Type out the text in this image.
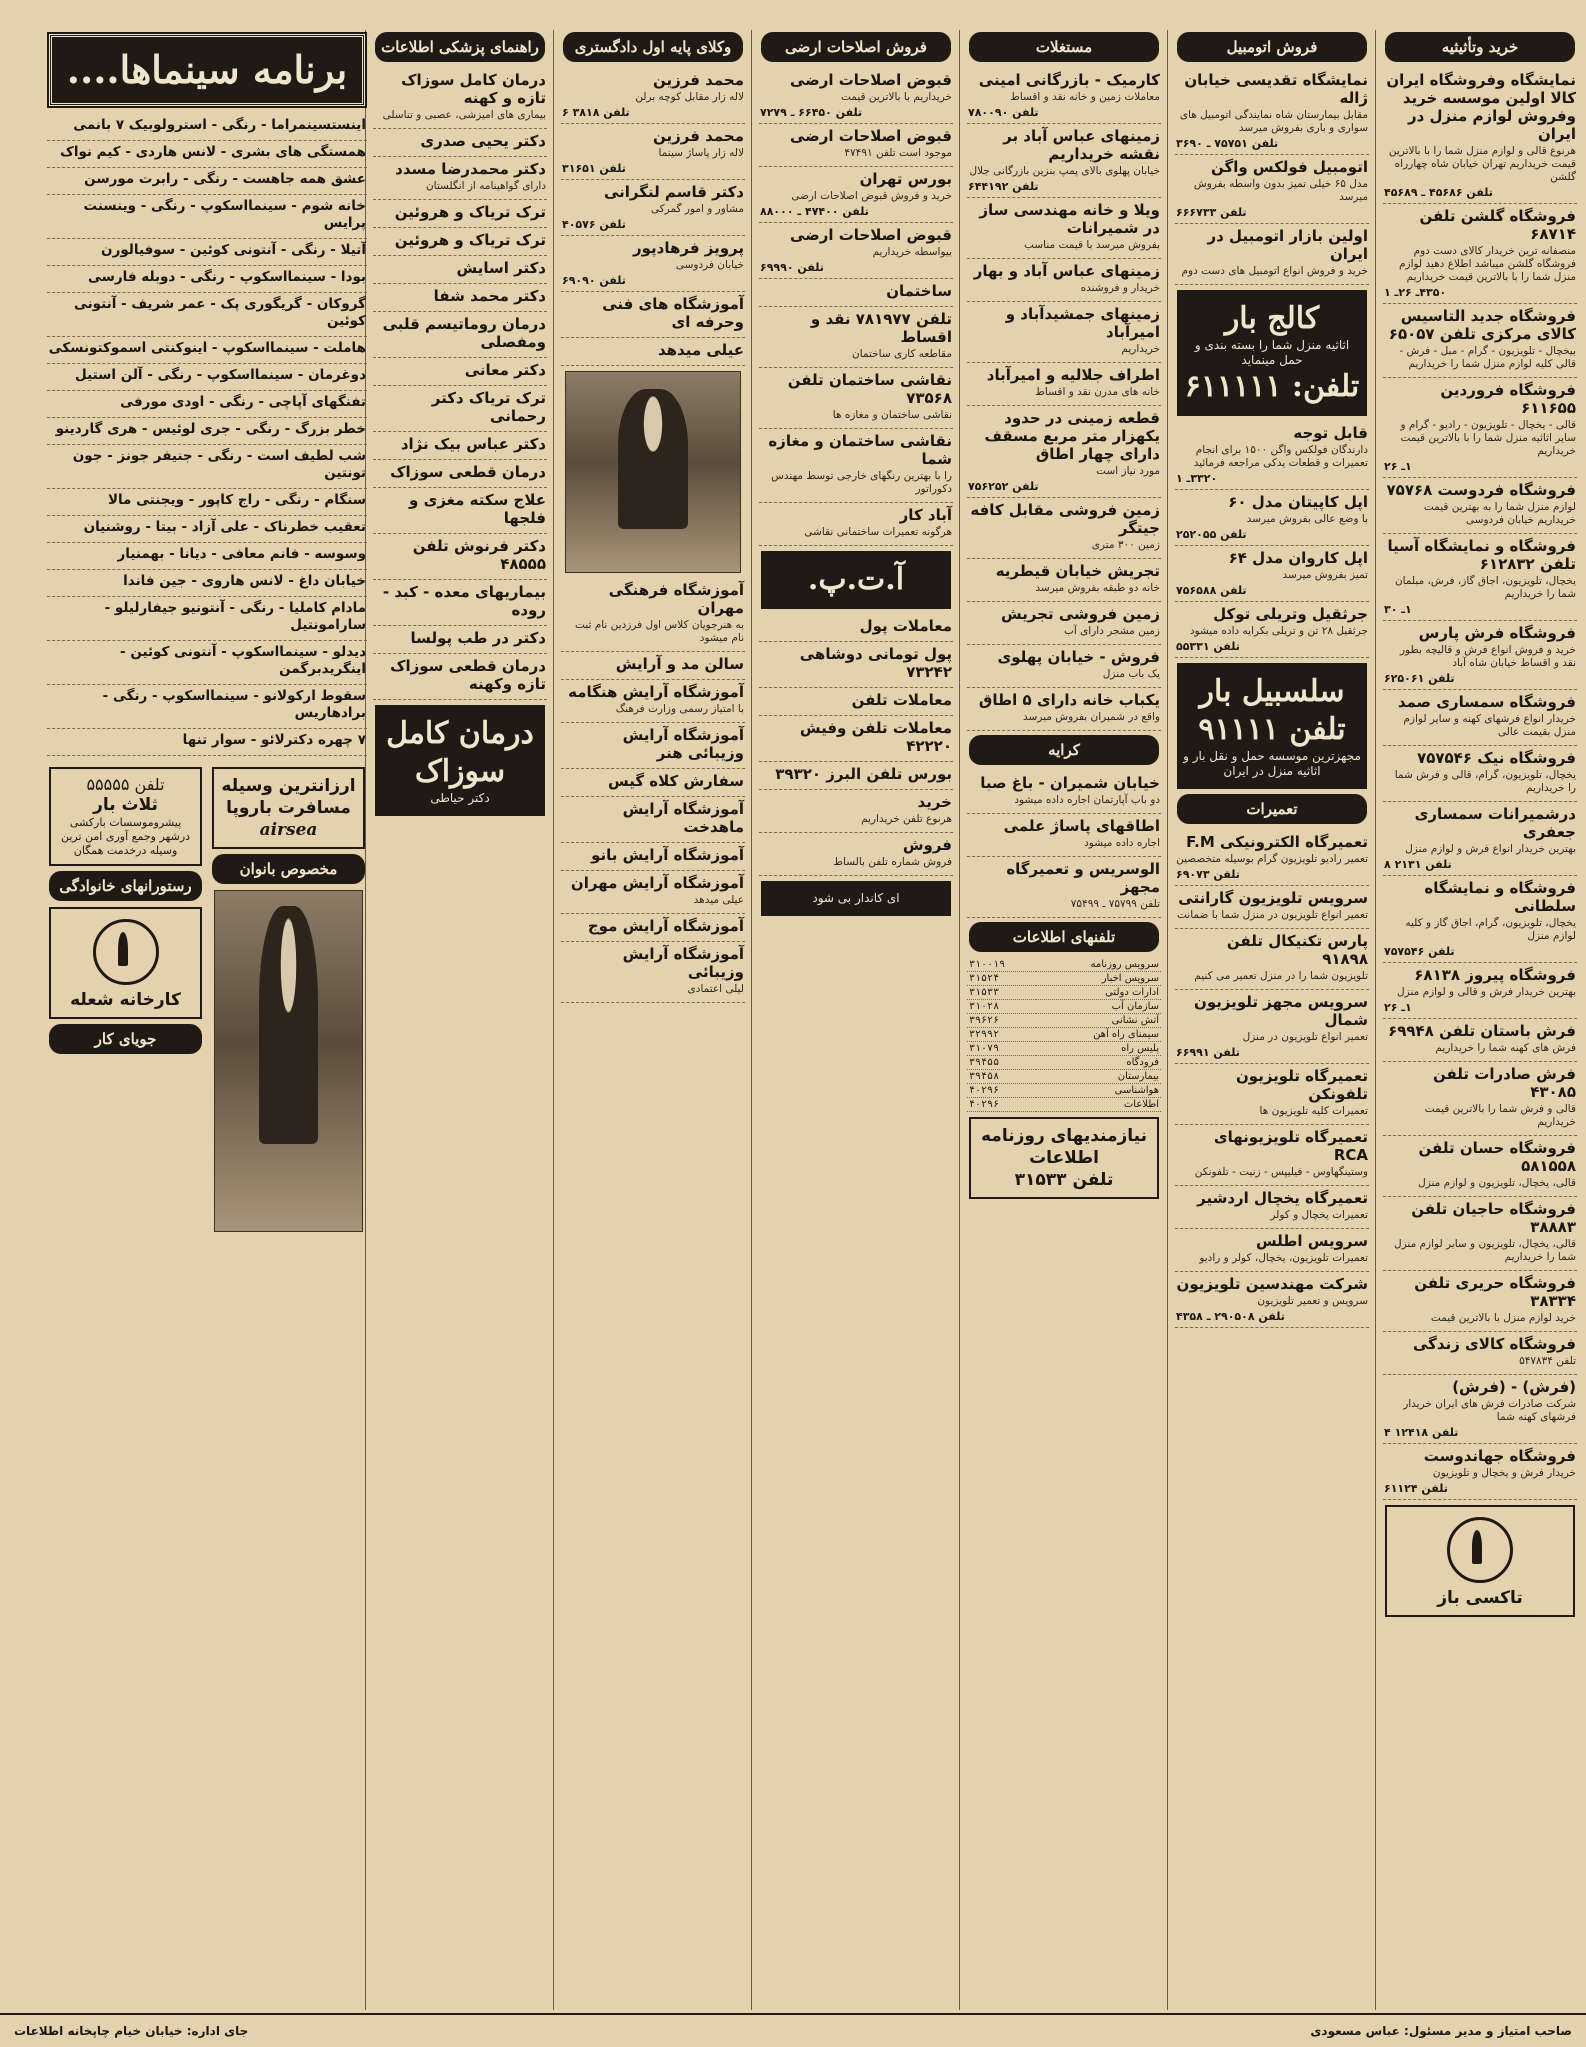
خرید وتأثیثیه
نمایشگاه وفروشگاه ایران کالا اولین موسسه خرید وفروش لوازم منزل در ایران

هرنوع قالی و لوازم منزل شما را با بالاترین قیمت خریداریم تهران خیابان شاه چهارراه گلشن

تلفن ۴۵۶۸۶ ـ ۴۵۶۸۹
فروشگاه گلشن تلفن ۶۸۷۱۴

منصفانه ترین خریدار کالای دست دوم فروشگاه گلشن میباشد اطلاع دهید لوازم منزل شما را با بالاترین قیمت خریداریم

۴۳۵۰ـ ۲۶ـ ۱
فروشگاه جدید التاسیس کالای مرکزی تلفن ۶۵۰۵۷

بیخچال - تلویزیون - گرام - مبل - فرش - قالی کلیه لوازم منزل شما را خریداریم

فروشگاه فروردین ۶۱۱۶۵۵

قالی - یخچال - تلویزیون - رادیو - گرام و سایر اثاثیه منزل شما را با بالاترین قیمت خریداریم

۱ـ ۲۶
فروشگاه فردوست ۷۵۷۶۸

لوازم منزل شما را به بهترین قیمت خریداریم خیابان فردوسی

فروشگاه و نمایشگاه آسیا تلفن ۶۱۲۸۳۲

یخچال، تلویزیون، اجاق گاز، فرش، مبلمان شما را خریداریم

۱ـ ۳۰
فروشگاه فرش پارس

خرید و فروش انواع فرش و قالیچه بطور نقد و اقساط خیابان شاه آباد

تلفن ۶۲۵۰۶۱
فروشگاه سمساری صمد

خریدار انواع فرشهای کهنه و سایر لوازم منزل بقیمت عالی

فروشگاه نیک ۷۵۷۵۴۶

یخچال، تلویزیون، گرام، قالی و فرش شما را خریداریم

درشمیرانات سمساری جعفری

بهترین خریدار انواع فرش و لوازم منزل

تلفن ۲۱۳۱ ۸
فروشگاه و نمایشگاه سلطانی

یخچال، تلویزیون، گرام، اجاق گاز و کلیه لوازم منزل

تلفن ۷۵۷۵۴۶
فروشگاه پیروز ۶۸۱۳۸

بهترین خریدار فرش و قالی و لوازم منزل

۱ـ ۲۶
فرش باستان تلفن ۶۹۹۴۸

فرش های کهنه شما را خریداریم

فرش صادرات تلفن ۴۳۰۸۵

قالی و فرش شما را بالاترین قیمت خریداریم

فروشگاه حسان تلفن ۵۸۱۵۵۸

قالی، یخچال، تلویزیون و لوازم منزل

فروشگاه حاجیان تلفن ۳۸۸۸۳

قالی، یخچال، تلویزیون و سایر لوازم منزل شما را خریداریم

فروشگاه حریری تلفن ۳۸۳۳۴

خرید لوازم منزل با بالاترین قیمت

فروشگاه کالای زندگی

تلفن ۵۴۷۸۳۴

(فرش) - (فرش)

شرکت صادرات فرش های ایران خریدار فرشهای کهنه شما

تلفن ۱۲۴۱۸ ۴
فروشگاه جهاندوست

خریدار فرش و یخچال و تلویزیون

تلفن ۶۱۱۲۴
تاکسی باز
فروش اتومبیل
نمایشگاه تقدیسی خیابان ژاله

مقابل بیمارستان شاه نمایندگی اتومبیل های سواری و باری بفروش میرسد

تلفن ۷۵۷۵۱ ـ ۳۶۹۰
اتومبیل فولکس واگن

مدل ۶۵ خیلی تمیز بدون واسطه بفروش میرسد

تلفن ۶۶۶۷۳۳
اولین بازار اتومبیل در ایران

خرید و فروش انواع اتومبیل های دست دوم

کالج بار
اثاثیه منزل شما را بسته بندی و حمل مینماید
تلفن: ۶۱۱۱۱۱
قابل توجه

دارندگان فولکس واگن ۱۵۰۰ برای انجام تعمیرات و قطعات یدکی مراجعه فرمائید

۳۳۲۰ـ ۱
اپل کاپیتان مدل ۶۰

با وضع عالی بفروش میرسد

تلفن ۲۵۲۰۵۵
اپل کاروان مدل ۶۴

تمیز بفروش میرسد

تلفن ۷۵۶۵۸۸
جرثقیل وتریلی توکل

جرثقیل ۲۸ تن و تریلی بکرایه داده میشود

تلفن ۵۵۳۳۱
سلسبیل بار
تلفن ۹۱۱۱۱
مجهزترین موسسه حمل و نقل بار و اثاثیه منزل در ایران
تعمیرات
تعمیرگاه الکترونیکی F.M

تعمیر رادیو تلویزیون گرام بوسیله متخصصین

تلفن ۶۹۰۷۳
سرویس تلویزیون گارانتی

تعمیر انواع تلویزیون در منزل شما با ضمانت

پارس تکنیکال تلفن ۹۱۸۹۸

تلویزیون شما را در منزل تعمیر می کنیم

سرویس مجهز تلویزیون شمال

تعمیر انواع تلویزیون در منزل

تلفن ۶۶۹۹۱
تعمیرگاه تلویزیون تلفونکن

تعمیرات کلیه تلویزیون ها

تعمیرگاه تلویزیونهای RCA

وستینگهاوس - فیلیپس - زنیت - تلفونکن

تعمیرگاه یخچال اردشیر

تعمیرات یخچال و کولر

سرویس اطلس

تعمیرات تلویزیون، یخچال، کولر و رادیو

شرکت مهندسین تلویزیون

سرویس و تعمیر تلویزیون

تلفن ۲۹۰۵۰۸ ـ ۴۳۵۸
مستغلات
کارمیک - بازرگانی امینی

معاملات زمین و خانه نقد و اقساط

تلفن ۷۸۰۰۹۰
زمینهای عباس آباد بر نقشه خریداریم

خیابان پهلوی بالای پمپ بنزین بازرگانی جلال

تلفن ۶۴۴۱۹۲
ویلا و خانه مهندسی ساز در شمیرانات

بفروش میرسد با قیمت مناسب

زمینهای عباس آباد و بهار

خریدار و فروشنده

زمینهای جمشیدآباد و امیرآباد

خریداریم

اطراف جلالیه و امیرآباد

خانه های مدرن نقد و اقساط

قطعه زمینی در حدود یکهزار متر مربع مسقف دارای چهار اطاق

مورد نیاز است

تلفن ۷۵۶۲۵۲
زمین فروشی مقابل کافه جیتگر

زمین ۳۰۰ متری

تجریش خیابان قیطریه

خانه دو طبقه بفروش میرسد

زمین فروشی تجریش

زمین مشجر دارای آب

فروش - خیابان پهلوی

یک باب منزل

یکباب خانه دارای ۵ اطاق

واقع در شمیران بفروش میرسد

کرایه
خیابان شمیران - باغ صبا

دو باب آپارتمان اجاره داده میشود

اطاقهای پاساژ علمی

اجاره داده میشود

الوسریس و تعمیرگاه مجهز

تلفن ۷۵۷۹۹ ـ ۷۵۴۹۹

تلفنهای اطلاعات
سرویس روزنامه	۳۱۰۰۱۹
سرویس اخبار	۳۱۵۲۴
ادارات دولتی	۳۱۵۳۳
سازمان آب	۳۱۰۲۸
آتش نشانی	۳۹۶۲۶
سیمنای راه آهن	۳۲۹۹۲
پلیس راه	۳۱۰۷۹
فرودگاه	۳۹۴۵۵
بیمارستان	۳۹۴۵۸
هواشناسی	۴۰۲۹۶
اطلاعات	۴۰۲۹۶
نیازمندیهای روزنامه اطلاعات
تلفن ۳۱۵۳۳
فروش اصلاحات ارضی
قبوض اصلاحات ارضی

خریداریم با بالاترین قیمت

تلفن ۶۶۴۵۰ ـ ۷۲۷۹
قبوض اصلاحات ارضی

موجود است تلفن ۴۷۴۹۱

بورس تهران

خرید و فروش قبوض اصلاحات ارضی

تلفن ۴۷۴۰۰ ـ ۸۸۰۰۰
قبوض اصلاحات ارضی

بیواسطه خریداریم

تلفن ۶۹۹۹۰
ساختمان

تلفن ۷۸۱۹۷۷ نقد و اقساط

مقاطعه کاری ساختمان

نقاشی ساختمان تلفن ۷۳۵۶۸

نقاشی ساختمان و مغازه ها

نقاشی ساختمان و مغازه شما

را با بهترین رنگهای خارجی توسط مهندس دکوراتور

آباد کار

هرگونه تعمیرات ساختمانی نقاشی

آ.ت.پ.
معاملات پول

پول تومانی دوشاهی ۷۳۲۴۲

معاملات تلفن

معاملات تلفن وفیش ۴۲۲۲۰

بورس تلفن البرز ۳۹۳۲۰

خرید

هرنوع تلفن خریداریم

فروش

فروش شماره تلفن بالساط

ای کاندار بی شود
وکلای پایه اول دادگستری
محمد فرزین

لاله زار مقابل کوچه برلن

تلفن ۳۸۱۸ ۶
محمد فرزین

لاله زار پاساژ سینما

تلفن ۳۱۶۵۱
دکتر قاسم لنگرانی

مشاور و امور گمرکی

تلفن ۴۰۵۷۶
پرویز فرهادپور

خیابان فردوسی

تلفن ۶۹۰۹۰
آموزشگاه های فنی وحرفه ای

عیلی میدهد

آموزشگاه فرهنگی مهران

به هنرجویان کلاس اول فرزدین نام ثبت نام میشود

سالن مد و آرایش

آموزشگاه آرایش هنگامه

با امتیاز رسمی وزارت فرهنگ

آموزشگاه آرایش وزیبائی هنر

سفارش کلاه گیس

آموزشگاه آرایش ماهدخت

آموزشگاه آرایش بانو

آموزشگاه آرایش مهران

عیلی میدهد

آموزشگاه آرایش موج

آموزشگاه آرایش وزیبائی

لیلی اعتمادی

راهنمای پزشکی اطلاعات
درمان کامل سوزاک تازه و کهنه

بیماری های امیزشی، عصبی و تناسلی

دکتر یحیی صدری

دکتر محمدرضا مسدد

دارای گواهینامه از انگلستان

ترک تریاک و هروئین

ترک تریاک و هروئین

دکتر اسایش

دکتر محمد شفا

درمان روماتیسم قلبی ومفصلی

دکتر معانی

ترک تریاک دکتر رحمانی

دکتر عباس بیک نژاد

درمان قطعی سوزاک

علاج سکته مغزی و فلجها

دکتر فرنوش تلفن ۴۸۵۵۵

بیماریهای معده - کبد - روده

دکتر در طب پولسا

درمان قطعی سوزاک تازه وکهنه

درمان کامل سوزاک
دکتر حیاطی
برنامه سینماها....
اینستسینمراما - رنگی - استرولوبیک ۷ بانمی

همستگی های بشری - لانس هاردی - کیم نواک

عشق همه جاهست - رنگی - رابرت مورسن

خانه شوم - سینمااسکوپ - رنگی - وینسنت پرایس

آتیلا - رنگی - آنتونی کوئین - سوفیالورن

بودا - سینمااسکوپ - رنگی - دوبله فارسی

گروکان - گریگوری پک - عمر شریف - آنتونی کوئین

هاملت - سینمااسکوپ - اینوکنتی اسموکتونسکی

دوغرمان - سینمااسکوپ - رنگی - آلن استیل

تفنگهای آپاچی - رنگی - اودی مورفی

خطر بزرگ - رنگی - جری لوئیس - هری گاردینو

شب لطیف است - رنگی - جنیفر جونز - جون تونتین

سنگام - رنگی - راج کاپور - ویجنتی مالا

تعقیب خطرناک - علی آزاد - بیتا - روشنیان

وسوسه - فانم معافی - دیانا - بهمنیار

خیابان داغ - لانس هاروی - جین فاندا

مادام کاملیا - رنگی - آنتونیو جیفارلیلو - سارامونتیل

دیدلو - سینمااسکوپ - آنتونی کوئین - اینگریدبرگمن

سقوط ارکولانو - سینمااسکوپ - رنگی - برادهاریس

۷ چهره دکترلائو - سوار تنها

ارزانترین وسیله مسافرت باروپا
airsea
مخصوص بانوان
تلفن ۵۵۵۵۵
ثلاث بار
پیشروموسسات بارکشی درشهر وجمع آوری امن ترین وسیله درخدمت همگان
رستورانهای خانوادگی
کارخانه شعله
جویای کار
صاحب امتیاز و مدیر مسئول: عباس مسعودی
جای اداره: خیابان خیام چاپخانه اطلاعات
